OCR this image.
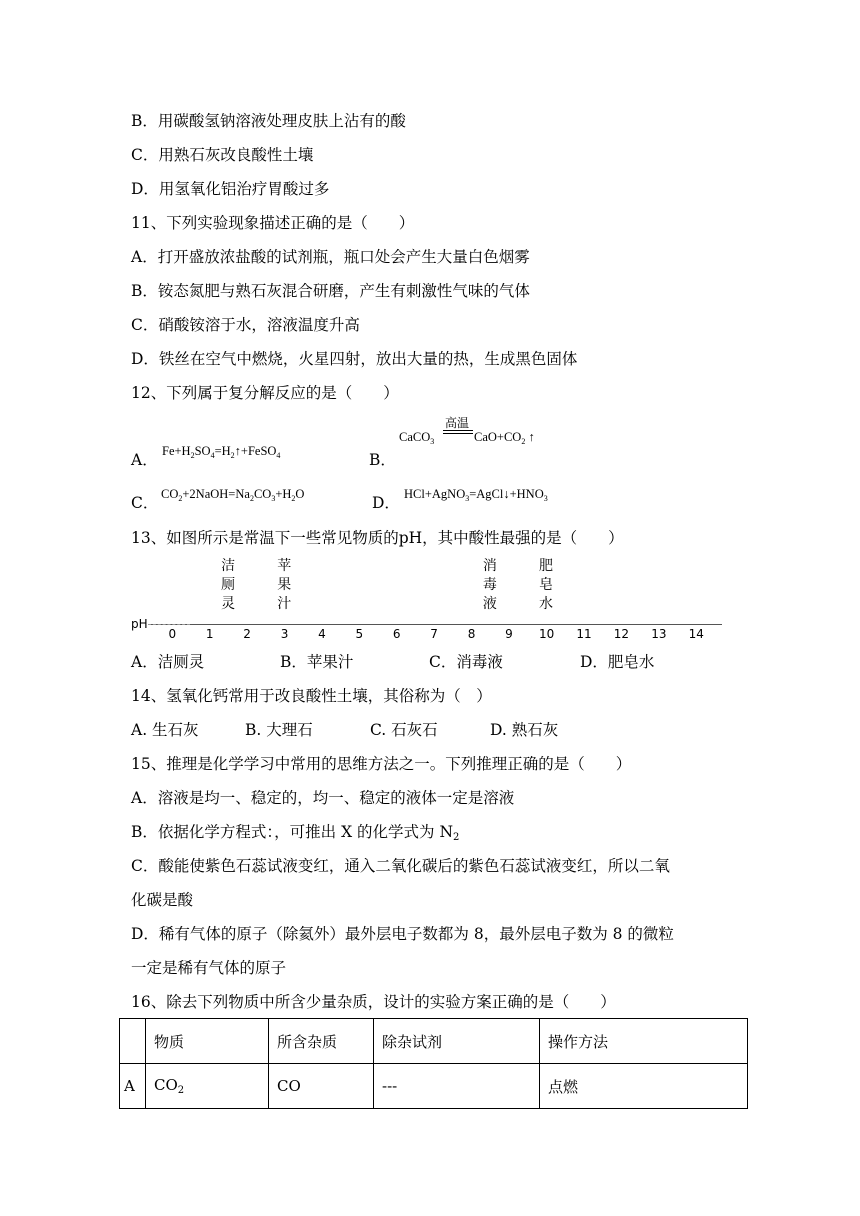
B．用碳酸氢钠溶液处理皮肤上沾有的酸
C．用熟石灰改良酸性土壤
D．用氢氧化铝治疗胃酸过多
11、下列实验现象描述正确的是（　　）
A．打开盛放浓盐酸的试剂瓶，瓶口处会产生大量白色烟雾
B．铵态氮肥与熟石灰混合研磨，产生有刺激性气味的气体
C．硝酸铵溶于水，溶液温度升高
D．铁丝在空气中燃烧，火星四射，放出大量的热，生成黑色固体
12、下列属于复分解反应的是（　　）
A． $Fe+H_2SO_4=H_2↑+FeSO_4$	B．
CaCO$_3$
高温
$CaO+CO_2$ ↑
C． $CO_2+2NaOH=Na_2CO_3+H_2O$	D． $HCl+AgNO_3=AgCl↓+HNO_3$
13、如图所示是常温下一些常见物质的pH，其中酸性最强的是（　　）
洁
厕
灵
苹
果
汁
消
毒
液
肥
皂
水
pH
0 1 2 3 4 5 6 7 8 9 10 11 12 13 14
A．洁厕灵	B．苹果汁	C．消毒液	D．肥皂水
14、氢氧化钙常用于改良酸性土壤，其俗称为（　）
A. 生石灰	B. 大理石	C. 石灰石	D. 熟石灰
15、推理是化学学习中常用的思维方法之一。下列推理正确的是（　　）
A．溶液是均一、稳定的，均一、稳定的液体一定是溶液
B．依据化学方程式：，可推出 X 的化学式为 $N_2$
C．酸能使紫色石蕊试液变红，通入二氧化碳后的紫色石蕊试液变红，所以二氧
化碳是酸
D．稀有气体的原子（除氦外）最外层电子数都为 8，最外层电子数为 8 的微粒
一定是稀有气体的原子
16、除去下列物质中所含少量杂质，设计的实验方案正确的是（　　）
	物质	所含杂质	除杂试剂	操作方法
A	$CO_2$	CO	---	点燃
